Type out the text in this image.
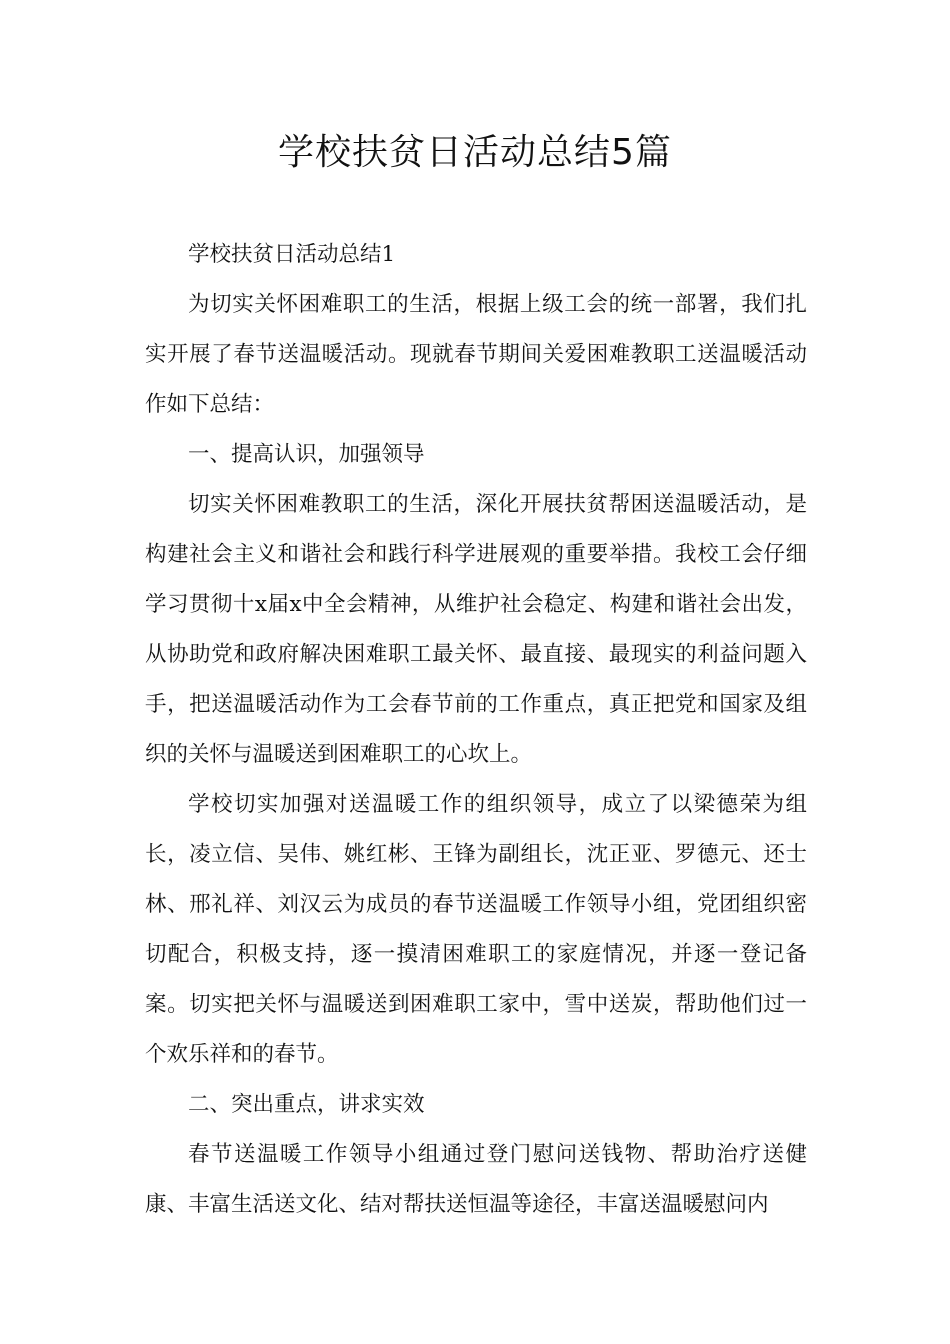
学校扶贫日活动总结5篇

学校扶贫日活动总结1

为切实关怀困难职工的生活，根据上级工会的统一部署，我们扎实开展了春节送温暖活动。现就春节期间关爱困难教职工送温暖活动作如下总结：

一、提高认识，加强领导

切实关怀困难教职工的生活，深化开展扶贫帮困送温暖活动，是构建社会主义和谐社会和践行科学进展观的重要举措。我校工会仔细学习贯彻十x届x中全会精神，从维护社会稳定、构建和谐社会出发，从协助党和政府解决困难职工最关怀、最直接、最现实的利益问题入手，把送温暖活动作为工会春节前的工作重点，真正把党和国家及组织的关怀与温暖送到困难职工的心坎上。

学校切实加强对送温暖工作的组织领导，成立了以梁德荣为组长，凌立信、吴伟、姚红彬、王锋为副组长，沈正亚、罗德元、还士林、邢礼祥、刘汉云为成员的春节送温暖工作领导小组，党团组织密切配合，积极支持，逐一摸清困难职工的家庭情况，并逐一登记备案。切实把关怀与温暖送到困难职工家中，雪中送炭，帮助他们过一个欢乐祥和的春节。

二、突出重点，讲求实效

春节送温暖工作领导小组通过登门慰问送钱物、帮助治疗送健康、丰富生活送文化、结对帮扶送恒温等途径，丰富送温暖慰问内
